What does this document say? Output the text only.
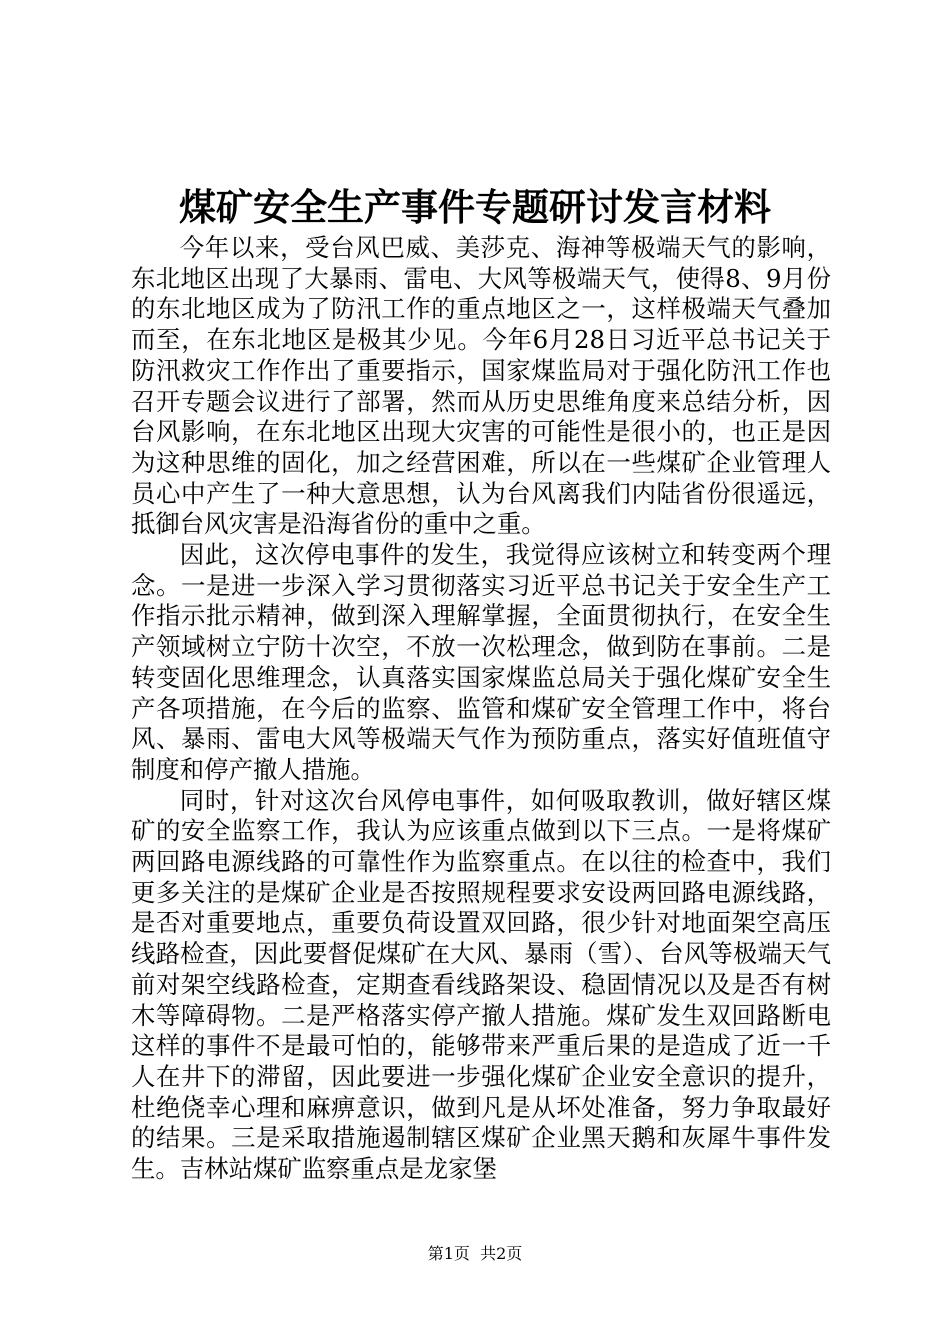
煤矿安全生产事件专题研讨发言材料

今年以来，受台风巴威、美莎克、海神等极端天气的影响，东北地区出现了大暴雨、雷电、大风等极端天气，使得8、9月份的东北地区成为了防汛工作的重点地区之一，这样极端天气叠加而至，在东北地区是极其少见。今年6月28日习近平总书记关于防汛救灾工作作出了重要指示，国家煤监局对于强化防汛工作也召开专题会议进行了部署，然而从历史思维角度来总结分析，因台风影响，在东北地区出现大灾害的可能性是很小的，也正是因为这种思维的固化，加之经营困难，所以在一些煤矿企业管理人员心中产生了一种大意思想，认为台风离我们内陆省份很遥远，抵御台风灾害是沿海省份的重中之重。

因此，这次停电事件的发生，我觉得应该树立和转变两个理念。一是进一步深入学习贯彻落实习近平总书记关于安全生产工作指示批示精神，做到深入理解掌握，全面贯彻执行，在安全生产领域树立宁防十次空，不放一次松理念，做到防在事前。二是转变固化思维理念，认真落实国家煤监总局关于强化煤矿安全生产各项措施，在今后的监察、监管和煤矿安全管理工作中，将台风、暴雨、雷电大风等极端天气作为预防重点，落实好值班值守制度和停产撤人措施。

同时，针对这次台风停电事件，如何吸取教训，做好辖区煤矿的安全监察工作，我认为应该重点做到以下三点。一是将煤矿两回路电源线路的可靠性作为监察重点。在以往的检查中，我们更多关注的是煤矿企业是否按照规程要求安设两回路电源线路，是否对重要地点，重要负荷设置双回路，很少针对地面架空高压线路检查，因此要督促煤矿在大风、暴雨（雪）、台风等极端天气前对架空线路检查，定期查看线路架设、稳固情况以及是否有树木等障碍物。二是严格落实停产撤人措施。煤矿发生双回路断电这样的事件不是最可怕的，能够带来严重后果的是造成了近一千人在井下的滞留，因此要进一步强化煤矿企业安全意识的提升，杜绝侥幸心理和麻痹意识，做到凡是从坏处准备，努力争取最好的结果。三是采取措施遏制辖区煤矿企业黑天鹅和灰犀牛事件发生。吉林站煤矿监察重点是龙家堡

第1页 共2页
